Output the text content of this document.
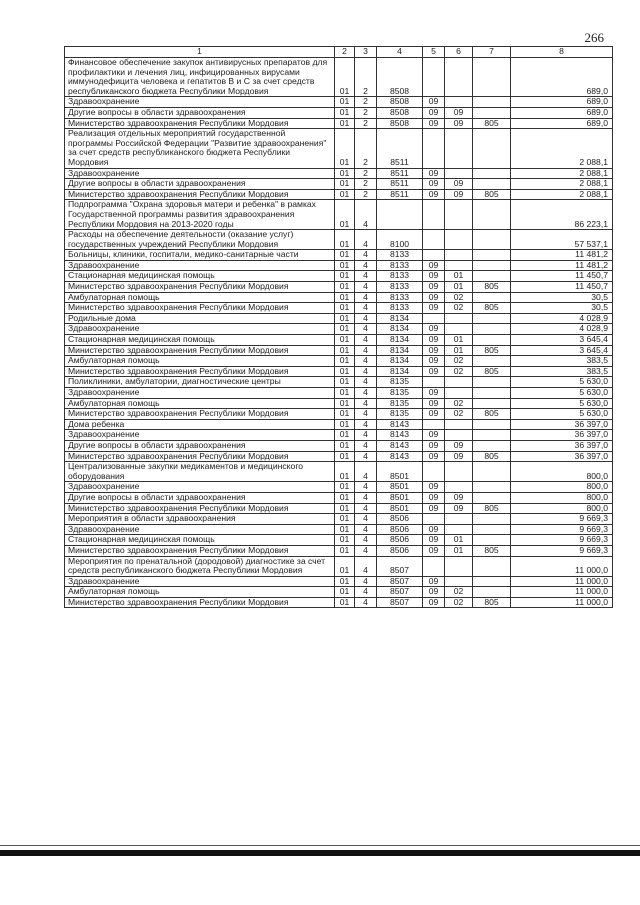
266
1	2	3	4	5	6	7	8
Финансовое обеспечение закупок антивирусных препаратов для профилактики и лечения лиц, инфицированных вирусами иммунодефицита человека и гепатитов В и С за счет средств республиканского бюджета Республики Мордовия	01	2	8508				689,0
Здравоохранение	01	2	8508	09			689,0
Другие вопросы в области здравоохранения	01	2	8508	09	09		689,0
Министерство здравоохранения Республики Мордовия	01	2	8508	09	09	805	689,0
Реализация отдельных мероприятий государственной программы Российской Федерации "Развитие здравоохранения" за счет средств республиканского бюджета Республики Мордовия	01	2	8511				2 088,1
Здравоохранение	01	2	8511	09			2 088,1
Другие вопросы в области здравоохранения	01	2	8511	09	09		2 088,1
Министерство здравоохранения Республики Мордовия	01	2	8511	09	09	805	2 088,1
Подпрограмма "Охрана здоровья матери и ребенка" в рамках Государственной программы развития здравоохранения Республики Мордовия на 2013-2020 годы	01	4					86 223,1
Расходы на обеспечение деятельности (оказание услуг) государственных учреждений Республики Мордовия	01	4	8100				57 537,1
Больницы, клиники, госпитали, медико-санитарные части	01	4	8133				11 481,2
Здравоохранение	01	4	8133	09			11 481,2
Стационарная медицинская помощь	01	4	8133	09	01		11 450,7
Министерство здравоохранения Республики Мордовия	01	4	8133	09	01	805	11 450,7
Амбулаторная помощь	01	4	8133	09	02		30,5
Министерство здравоохранения Республики Мордовия	01	4	8133	09	02	805	30,5
Родильные дома	01	4	8134				4 028,9
Здравоохранение	01	4	8134	09			4 028,9
Стационарная медицинская помощь	01	4	8134	09	01		3 645,4
Министерство здравоохранения Республики Мордовия	01	4	8134	09	01	805	3 645,4
Амбулаторная помощь	01	4	8134	09	02		383,5
Министерство здравоохранения Республики Мордовия	01	4	8134	09	02	805	383,5
Поликлиники, амбулатории, диагностические центры	01	4	8135				5 630,0
Здравоохранение	01	4	8135	09			5 630,0
Амбулаторная помощь	01	4	8135	09	02		5 630,0
Министерство здравоохранения Республики Мордовия	01	4	8135	09	02	805	5 630,0
Дома ребенка	01	4	8143				36 397,0
Здравоохранение	01	4	8143	09			36 397,0
Другие вопросы в области здравоохранения	01	4	8143	09	09		36 397,0
Министерство здравоохранения Республики Мордовия	01	4	8143	09	09	805	36 397,0
Централизованные закупки медикаментов и медицинского оборудования	01	4	8501				800,0
Здравоохранение	01	4	8501	09			800,0
Другие вопросы в области здравоохранения	01	4	8501	09	09		800,0
Министерство здравоохранения Республики Мордовия	01	4	8501	09	09	805	800,0
Мероприятия в области здравоохранения	01	4	8506				9 669,3
Здравоохранение	01	4	8506	09			9 669,3
Стационарная медицинская помощь	01	4	8506	09	01		9 669,3
Министерство здравоохранения Республики Мордовия	01	4	8506	09	01	805	9 669,3
Мероприятия по пренатальной (дородовой) диагностике за счет средств республиканского бюджета Республики Мордовия	01	4	8507				11 000,0
Здравоохранение	01	4	8507	09			11 000,0
Амбулаторная помощь	01	4	8507	09	02		11 000,0
Министерство здравоохранения Республики Мордовия	01	4	8507	09	02	805	11 000,0
